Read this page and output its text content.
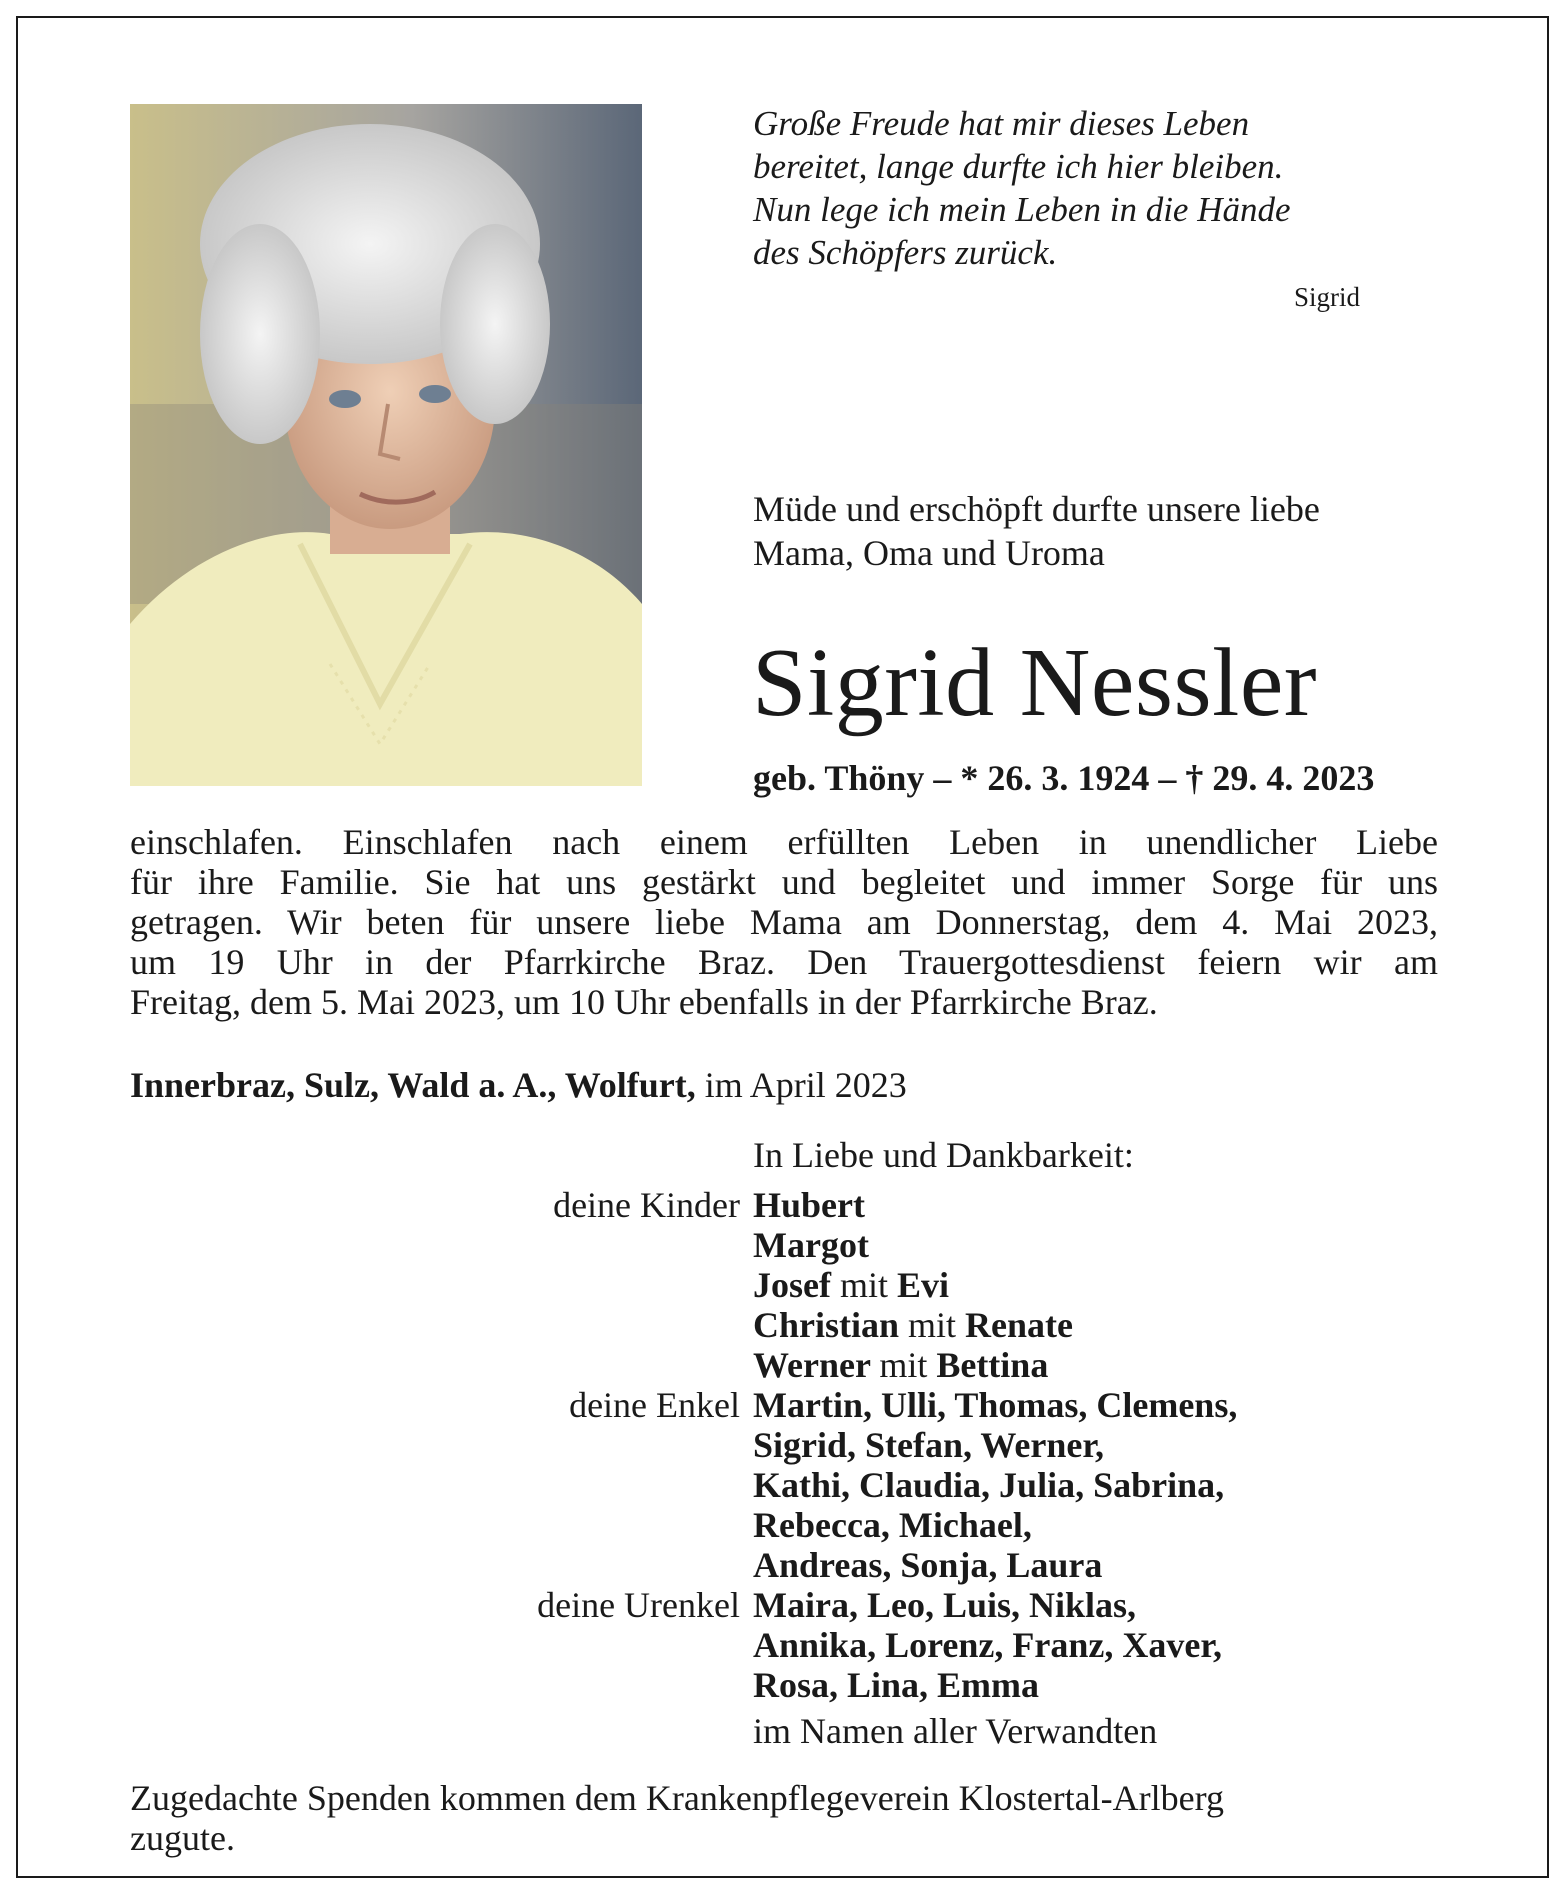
Große Freude hat mir dieses Leben
bereitet, lange durfte ich hier bleiben.
Nun lege ich mein Leben in die Hände
des Schöpfers zurück.
Sigrid
Müde und erschöpft durfte unsere liebe
Mama, Oma und Uroma
Sigrid Nessler
geb. Thöny – * 26. 3. 1924 – † 29. 4. 2023
einschlafen. Einschlafen nach einem erfüllten Leben in unendlicher Liebe
für ihre Familie. Sie hat uns gestärkt und begleitet und immer Sorge für uns
getragen. Wir beten für unsere liebe Mama am Donnerstag, dem 4. Mai 2023,
um 19 Uhr in der Pfarrkirche Braz. Den Trauergottesdienst feiern wir am
Freitag, dem 5. Mai 2023, um 10 Uhr ebenfalls in der Pfarrkirche Braz.
Innerbraz, Sulz, Wald a. A., Wolfurt, im April 2023
In Liebe und Dankbarkeit:
deine Kinder Hubert
Margot
Josef mit Evi
Christian mit Renate
Werner mit Bettina
deine Enkel Martin, Ulli, Thomas, Clemens,
Sigrid, Stefan, Werner,
Kathi, Claudia, Julia, Sabrina,
Rebecca, Michael,
Andreas, Sonja, Laura
deine Urenkel Maira, Leo, Luis, Niklas,
Annika, Lorenz, Franz, Xaver,
Rosa, Lina, Emma
im Namen aller Verwandten
Zugedachte Spenden kommen dem Krankenpflegeverein Klostertal-Arlberg
zugute.
